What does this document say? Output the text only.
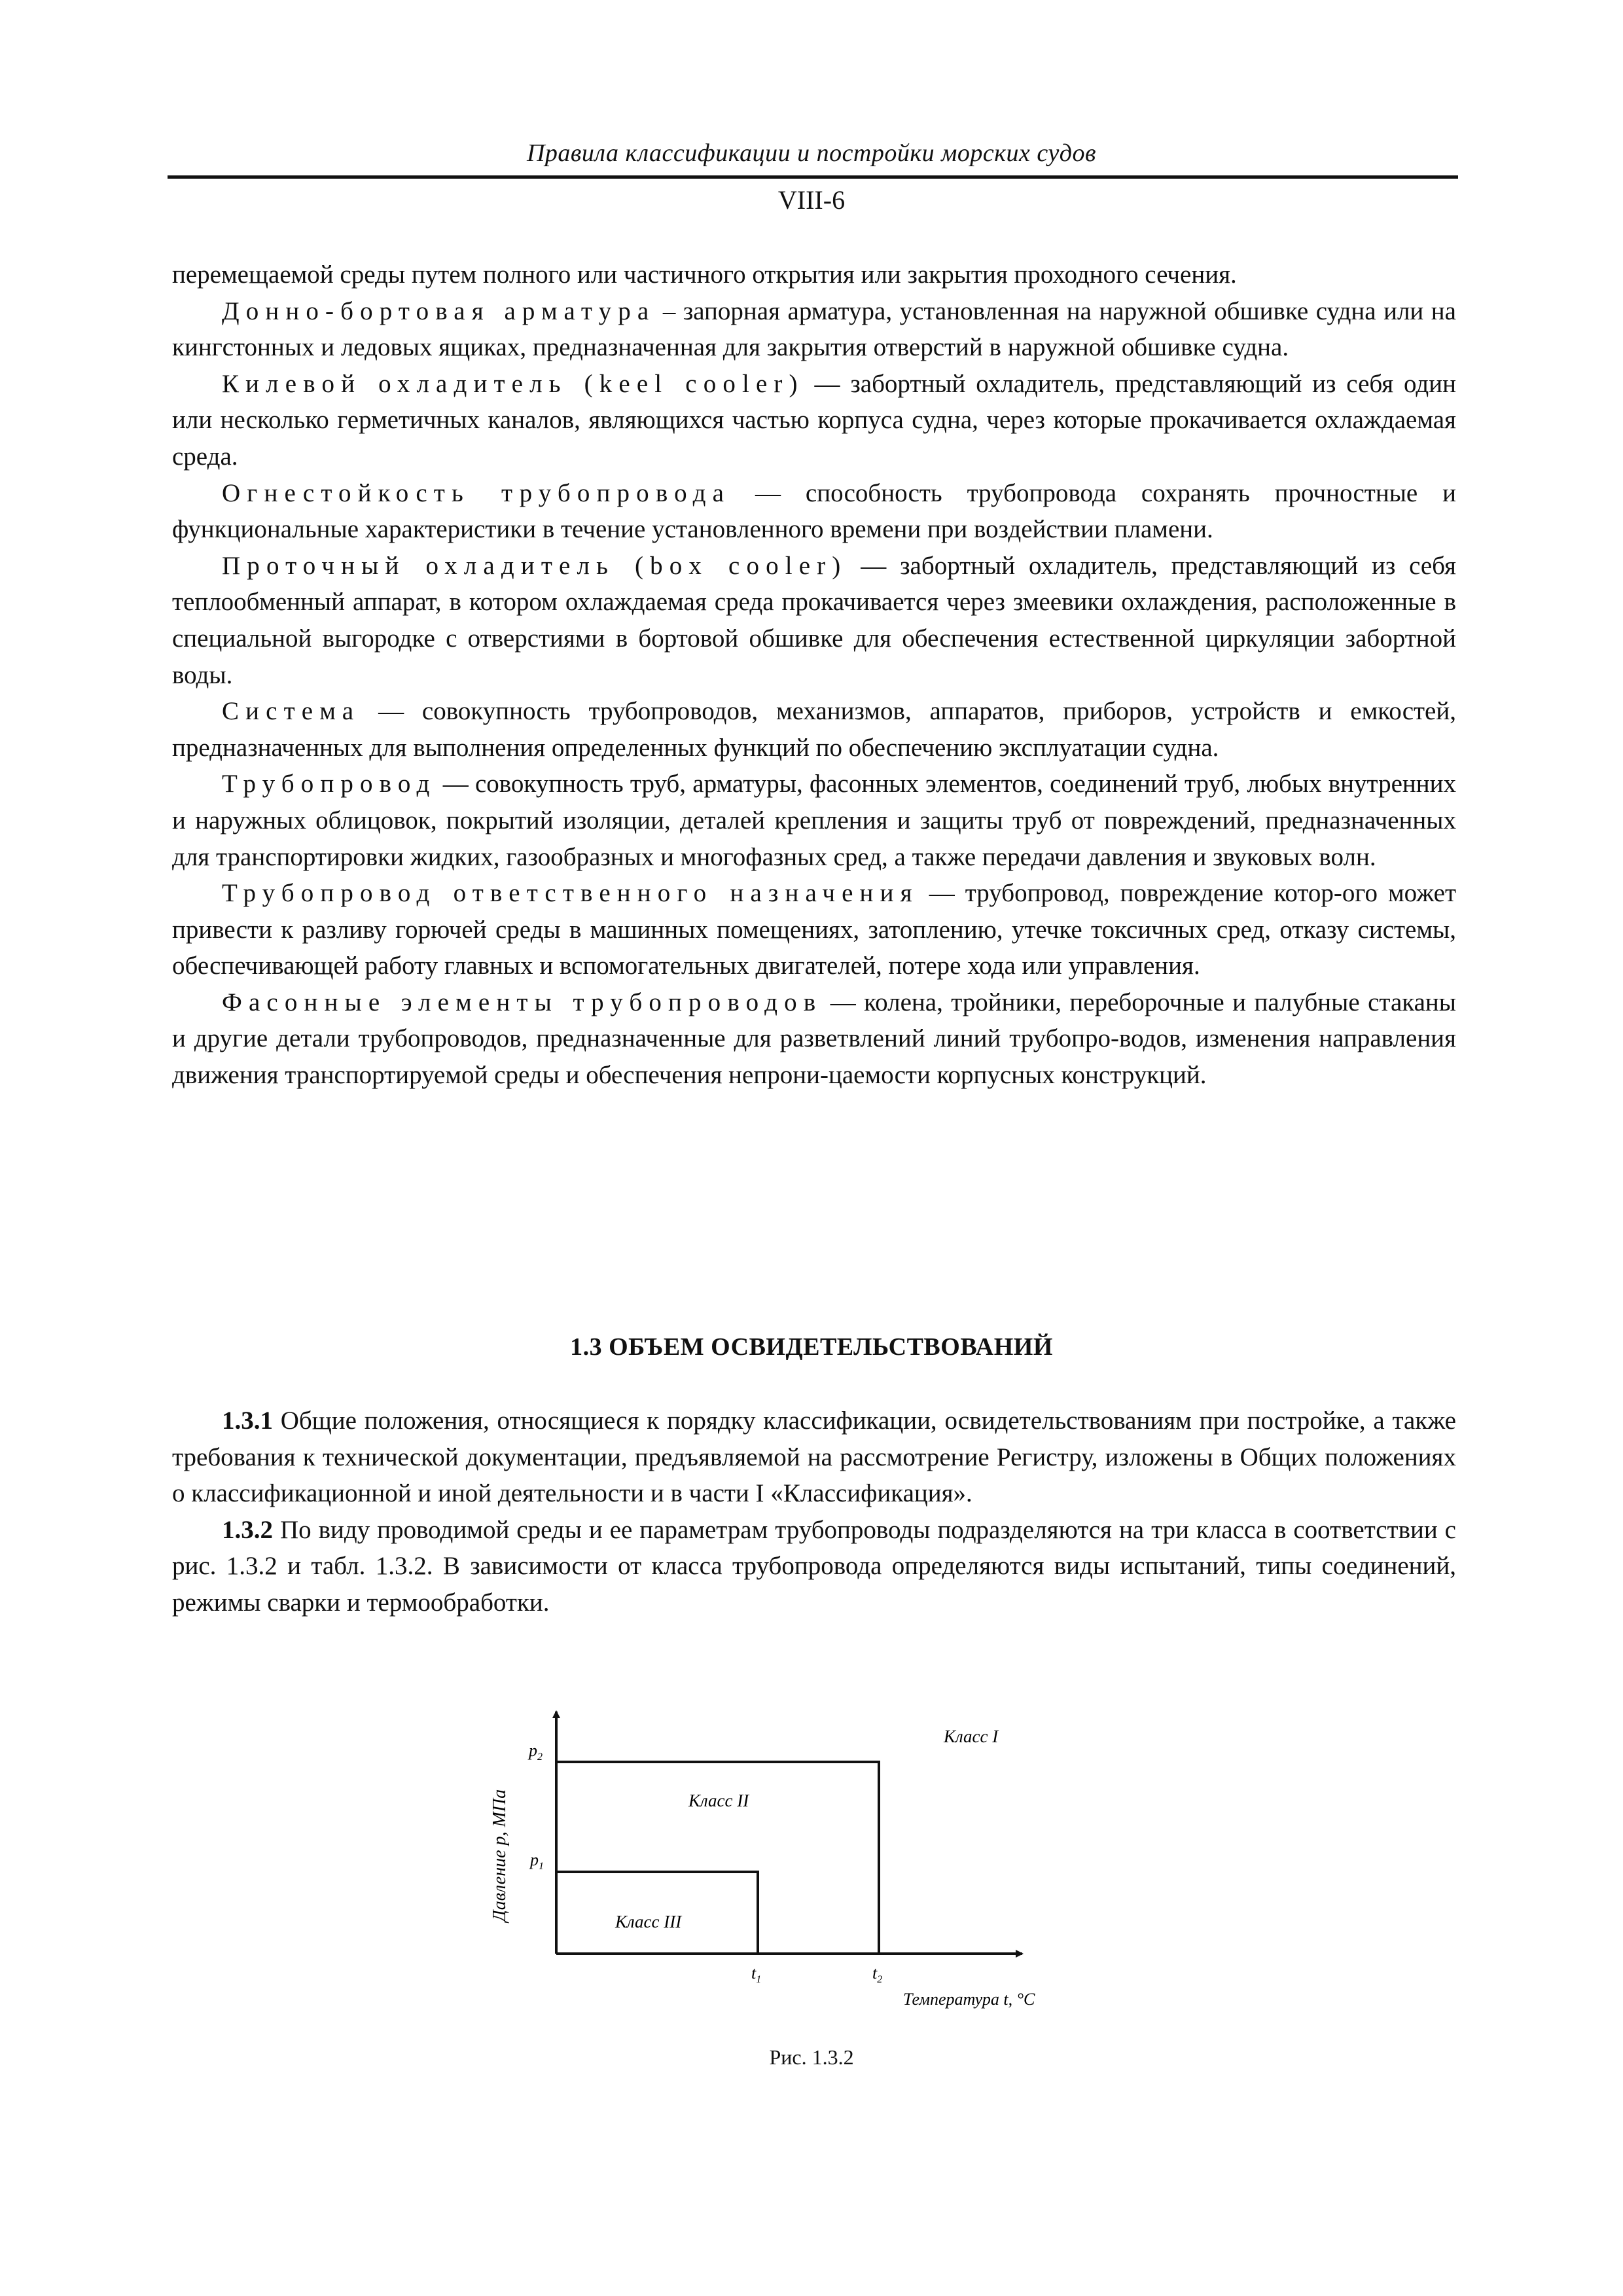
Правила классификации и постройки морских судов
VIII-6

перемещаемой среды путем полного или частичного открытия или закрытия проходного сечения.

Донно-бортовая арматура – запорная арматура, установленная на наружной обшивке судна или на кингстонных и ледовых ящиках, предназначенная для закрытия отверстий в наружной обшивке судна.

Килевой охладитель (keel cooler) — забортный охладитель, представляющий из себя один или несколько герметичных каналов, являющихся частью корпуса судна, через которые прокачивается охлаждаемая среда.

Огнестойкость трубопровода — способность трубопровода сохранять прочностные и функциональные характеристики в течение установленного времени при воздействии пламени.

Проточный охладитель (box cooler) — забортный охладитель, представляющий из себя теплообменный аппарат, в котором охлаждаемая среда прокачивается через змеевики охлаждения, расположенные в специальной выгородке с отверстиями в бортовой обшивке для обеспечения естественной циркуляции забортной воды.

Система — совокупность трубопроводов, механизмов, аппаратов, приборов, устройств и емкостей, предназначенных для выполнения определенных функций по обеспечению эксплуатации судна.

Трубопровод — совокупность труб, арматуры, фасонных элементов, соединений труб, любых внутренних и наружных облицовок, покрытий изоляции, деталей крепления и защиты труб от повреждений, предназначенных для транспортировки жидких, газообразных и многофазных сред, а также передачи давления и звуковых волн.

Трубопровод ответственного назначения — трубопровод, повреждение котор-ого может привести к разливу горючей среды в машинных помещениях, затоплению, утечке токсичных сред, отказу системы, обеспечивающей работу главных и вспомогательных двигателей, потере хода или управления.

Фасонные элементы трубопроводов — колена, тройники, переборочные и палубные стаканы и другие детали трубопроводов, предназначенные для разветвлений линий трубопро-водов, изменения направления движения транспортируемой среды и обеспечения непрони-цаемости корпусных конструкций.

1.3 ОБЪЕМ ОСВИДЕТЕЛЬСТВОВАНИЙ

1.3.1 Общие положения, относящиеся к порядку классификации, освидетельствованиям при постройке, а также требования к технической документации, предъявляемой на рассмотрение Регистру, изложены в Общих положениях о классификационной и иной деятельности и в части I «Классификация».

1.3.2 По виду проводимой среды и ее параметрам трубопроводы подразделяются на три класса в соответствии с рис. 1.3.2 и табл. 1.3.2. В зависимости от класса трубопровода определяются виды испытаний, типы соединений, режимы сварки и термообработки.

$p_2$
$p_1$
$t_1$	$t_2$
Класс I
Класс II
Класс III
Давление p, МПа
Температура t, °C
Рис. 1.3.2
